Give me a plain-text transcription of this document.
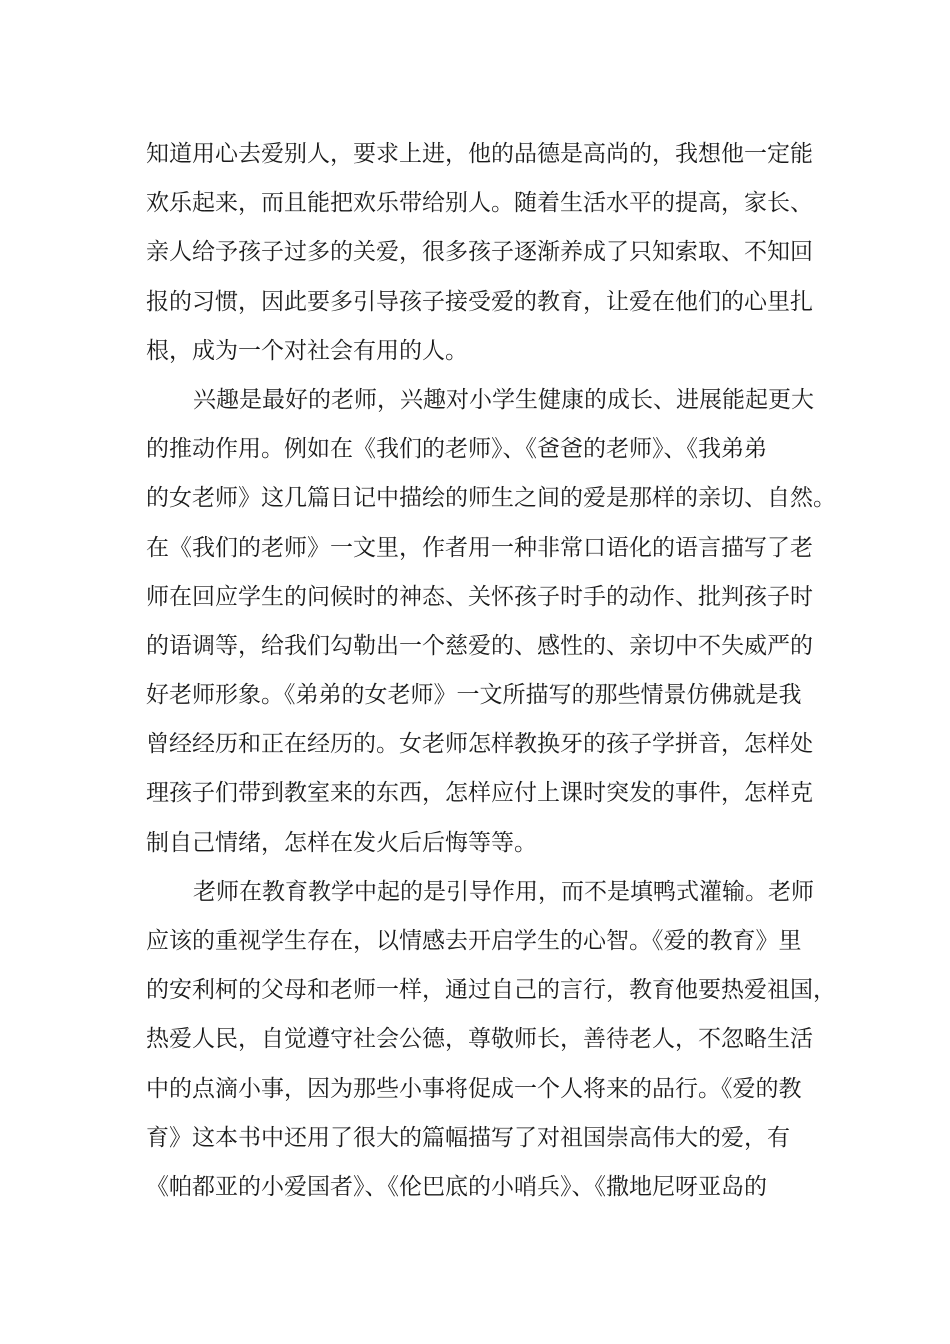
知道用心去爱别人，要求上进，他的品德是高尚的，我想他一定能
欢乐起来，而且能把欢乐带给别人。随着生活水平的提高，家长、
亲人给予孩子过多的关爱，很多孩子逐渐养成了只知索取、不知回
报的习惯，因此要多引导孩子接受爱的教育，让爱在他们的心里扎
根，成为一个对社会有用的人。
兴趣是最好的老师，兴趣对小学生健康的成长、进展能起更大
的推动作用。例如在《我们的老师》、《爸爸的老师》、《我弟弟
的女老师》这几篇日记中描绘的师生之间的爱是那样的亲切、自然。
在《我们的老师》一文里，作者用一种非常口语化的语言描写了老
师在回应学生的问候时的神态、关怀孩子时手的动作、批判孩子时
的语调等，给我们勾勒出一个慈爱的、感性的、亲切中不失威严的
好老师形象。《弟弟的女老师》一文所描写的那些情景仿佛就是我
曾经经历和正在经历的。女老师怎样教换牙的孩子学拼音，怎样处
理孩子们带到教室来的东西，怎样应付上课时突发的事件，怎样克
制自己情绪，怎样在发火后后悔等等。
老师在教育教学中起的是引导作用，而不是填鸭式灌输。老师
应该的重视学生存在，以情感去开启学生的心智。《爱的教育》里
的安利柯的父母和老师一样，通过自己的言行，教育他要热爱祖国，
热爱人民，自觉遵守社会公德，尊敬师长，善待老人，不忽略生活
中的点滴小事，因为那些小事将促成一个人将来的品行。《爱的教
育》这本书中还用了很大的篇幅描写了对祖国崇高伟大的爱，有
《帕都亚的小爱国者》、《伦巴底的小哨兵》、《撒地尼呀亚岛的
